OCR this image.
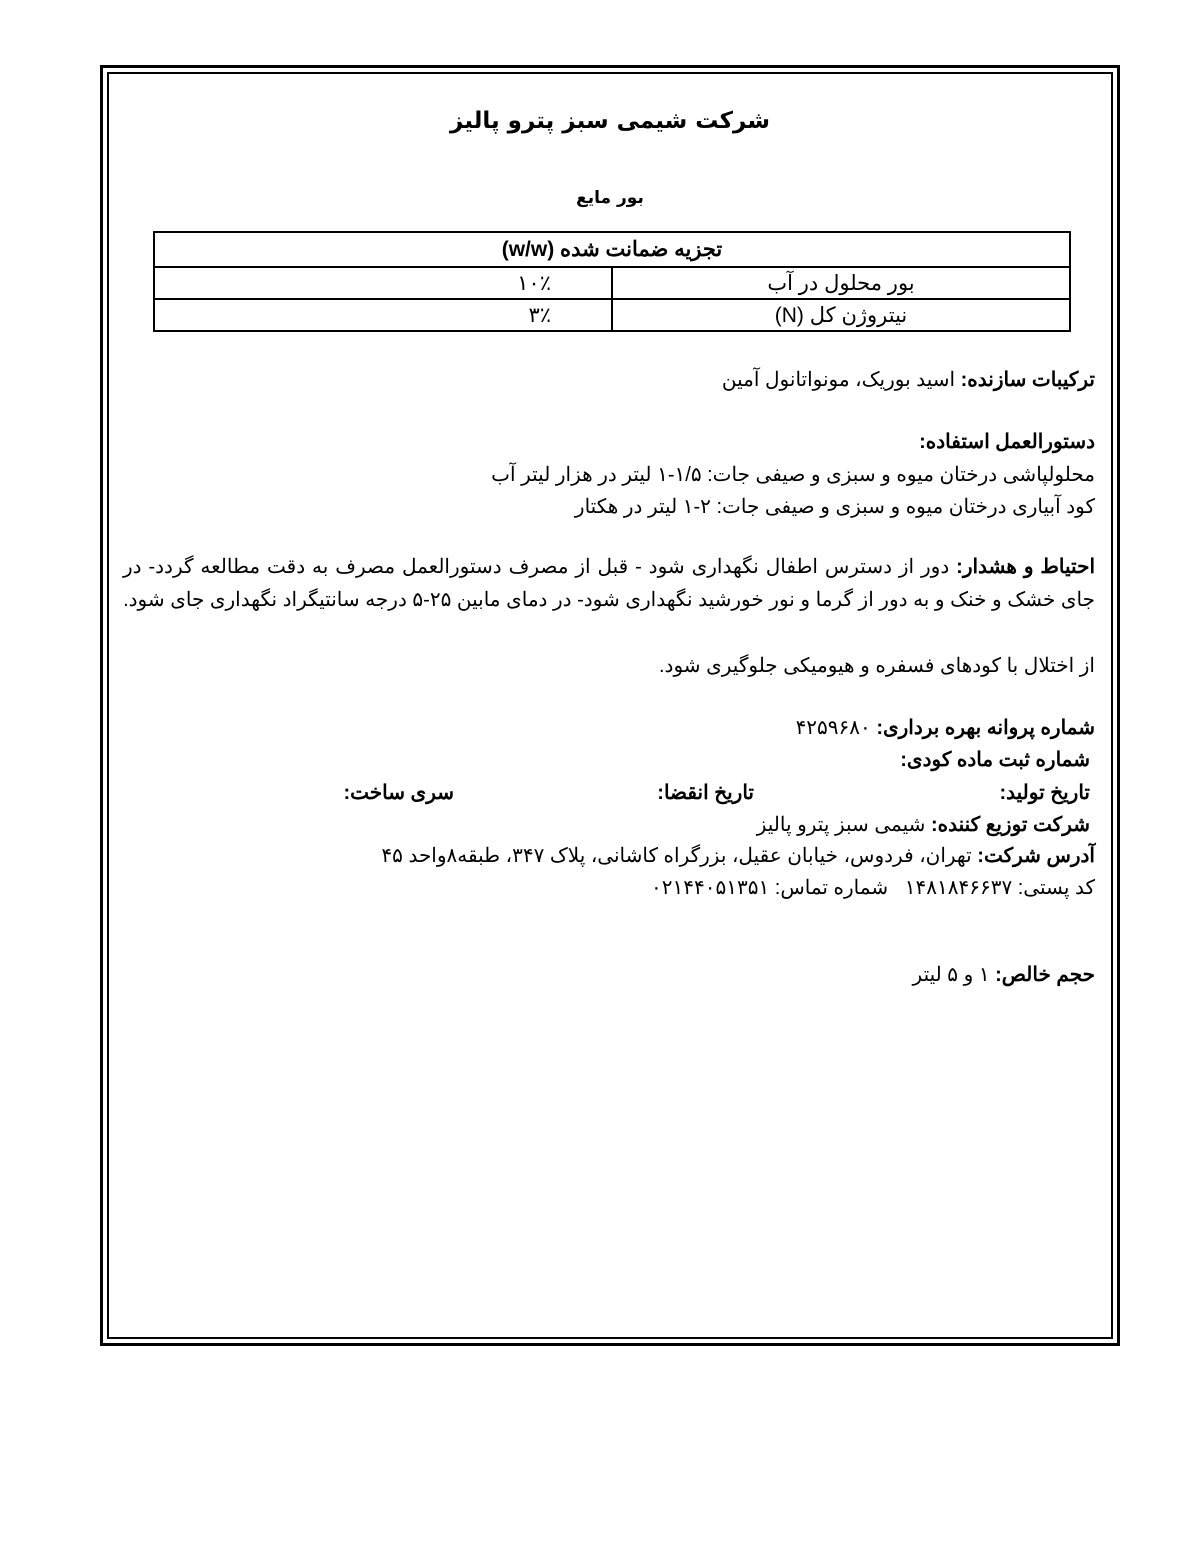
شرکت شیمی سبز پترو پالیز
بور مایع
تجزیه ضمانت شده (w/w)	
بور محلول در آب	۱۰٪
نیتروژن کل (N)	۳٪
ترکیبات سازنده: اسید بوریک، مونواتانول آمین
دستورالعمل استفاده:
محلولپاشی درختان میوه و سبزی و صیفی جات: ۱/۵-۱ لیتر در هزار لیتر آب
کود آبیاری درختان میوه و سبزی و صیفی جات: ۲-۱ لیتر در هکتار
احتیاط و هشدار: دور از دسترس اطفال نگهداری شود - قبل از مصرف دستورالعمل مصرف به دقت مطالعه گردد- در جای خشک و خنک و به دور از گرما و نور خورشید نگهداری شود- در دمای مابین ۲۵-۵ درجه سانتیگراد نگهداری جای شود.
از اختلال با کودهای فسفره و هیومیکی جلوگیری شود.
شماره پروانه بهره برداری: ۴۲۵۹۶۸۰
شماره ثبت ماده کودی:
تاریخ تولید:
تاریخ انقضا:
سری ساخت:
شرکت توزیع کننده: شیمی سبز پترو پالیز
آدرس شرکت: تهران، فردوس، خیابان عقیل، بزرگراه کاشانی، پلاک ۳۴۷، طبقه۸واحد ۴۵
کد پستی: ۱۴۸۱۸۴۶۶۳۷   شماره تماس: ۰۲۱۴۴۰۵۱۳۵۱
حجم خالص: ۱ و ۵ لیتر
